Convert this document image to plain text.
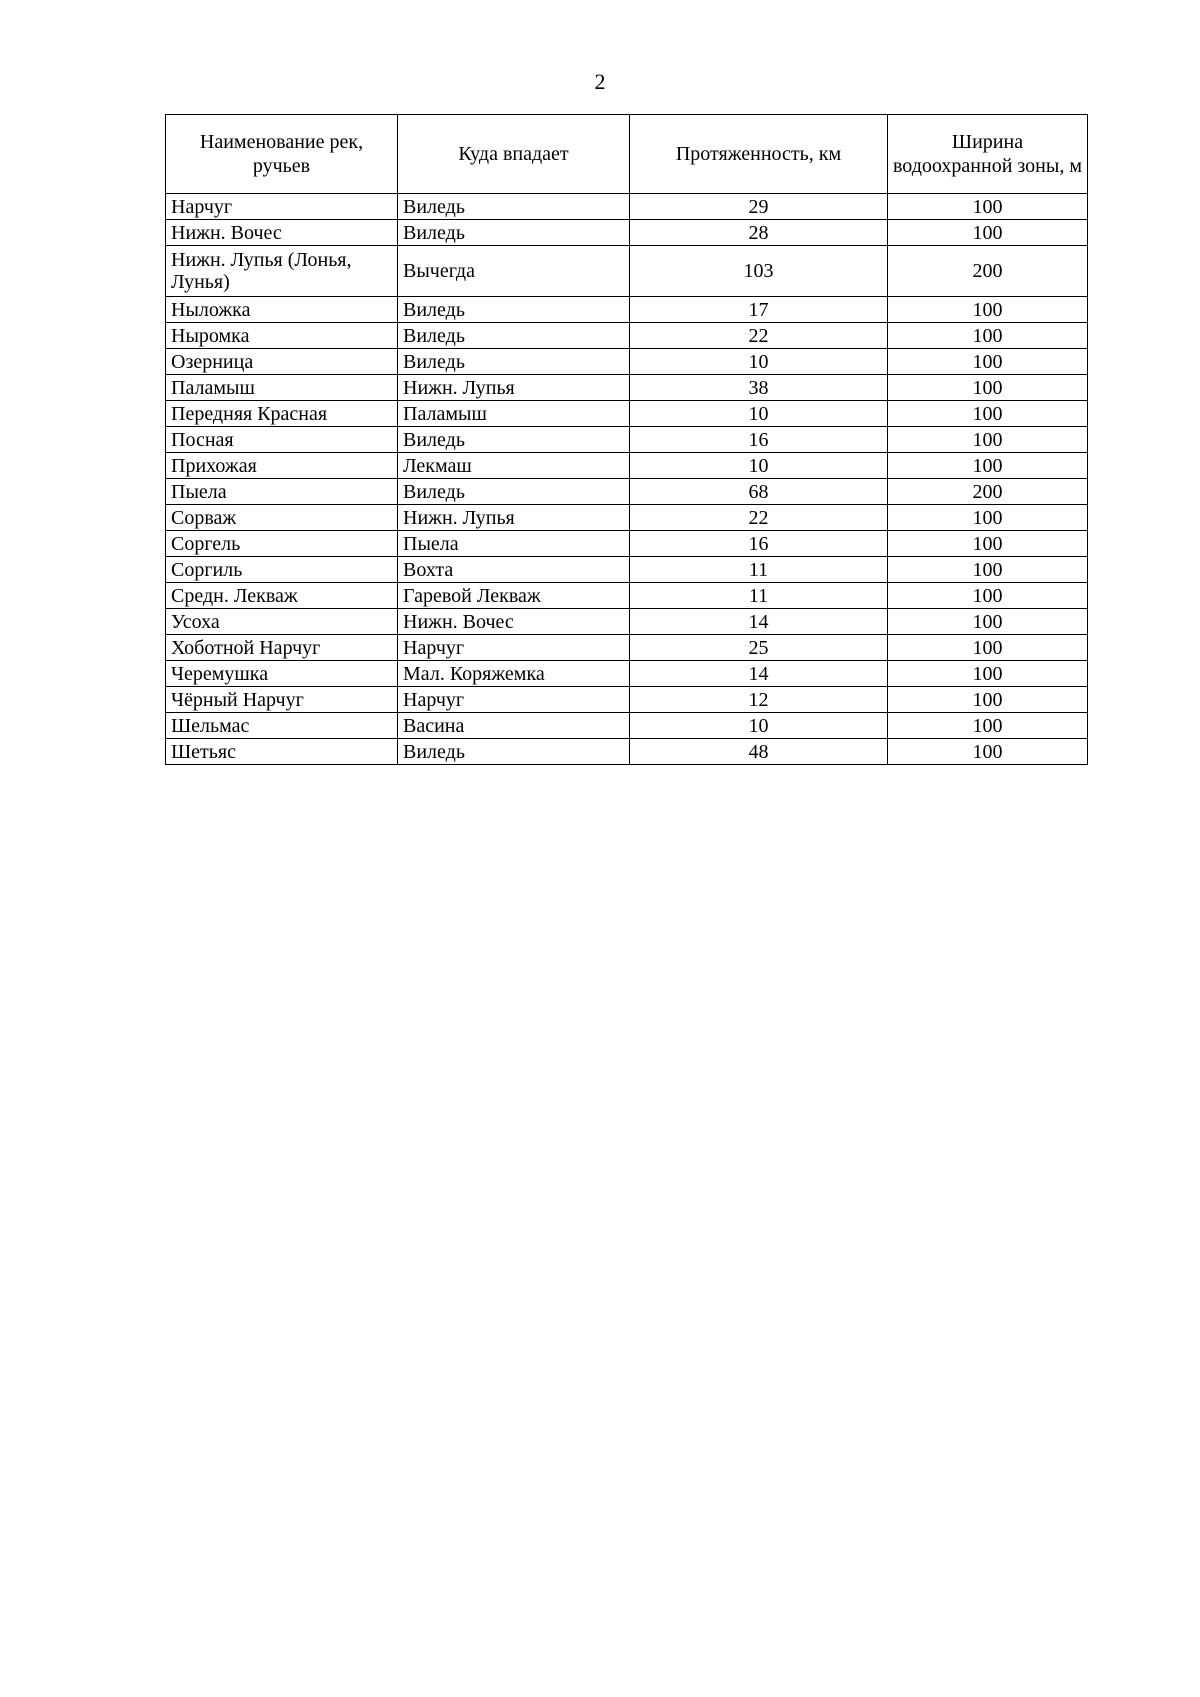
2
Наименование рек, ручьев	Куда впадает	Протяженность, км	Ширина водоохранной зоны, м
Нарчуг	Виледь	29	100
Нижн. Вочес	Виледь	28	100
Нижн. Лупья (Лонья, Лунья)	Вычегда	103	200
Ныложка	Виледь	17	100
Ныромка	Виледь	22	100
Озерница	Виледь	10	100
Паламыш	Нижн. Лупья	38	100
Передняя Красная	Паламыш	10	100
Посная	Виледь	16	100
Прихожая	Лекмаш	10	100
Пыела	Виледь	68	200
Сорваж	Нижн. Лупья	22	100
Соргель	Пыела	16	100
Соргиль	Вохта	11	100
Средн. Лекваж	Гаревой Лекваж	11	100
Усоха	Нижн. Вочес	14	100
Хоботной Нарчуг	Нарчуг	25	100
Черемушка	Мал. Коряжемка	14	100
Чёрный Нарчуг	Нарчуг	12	100
Шельмас	Васина	10	100
Шетьяс	Виледь	48	100
